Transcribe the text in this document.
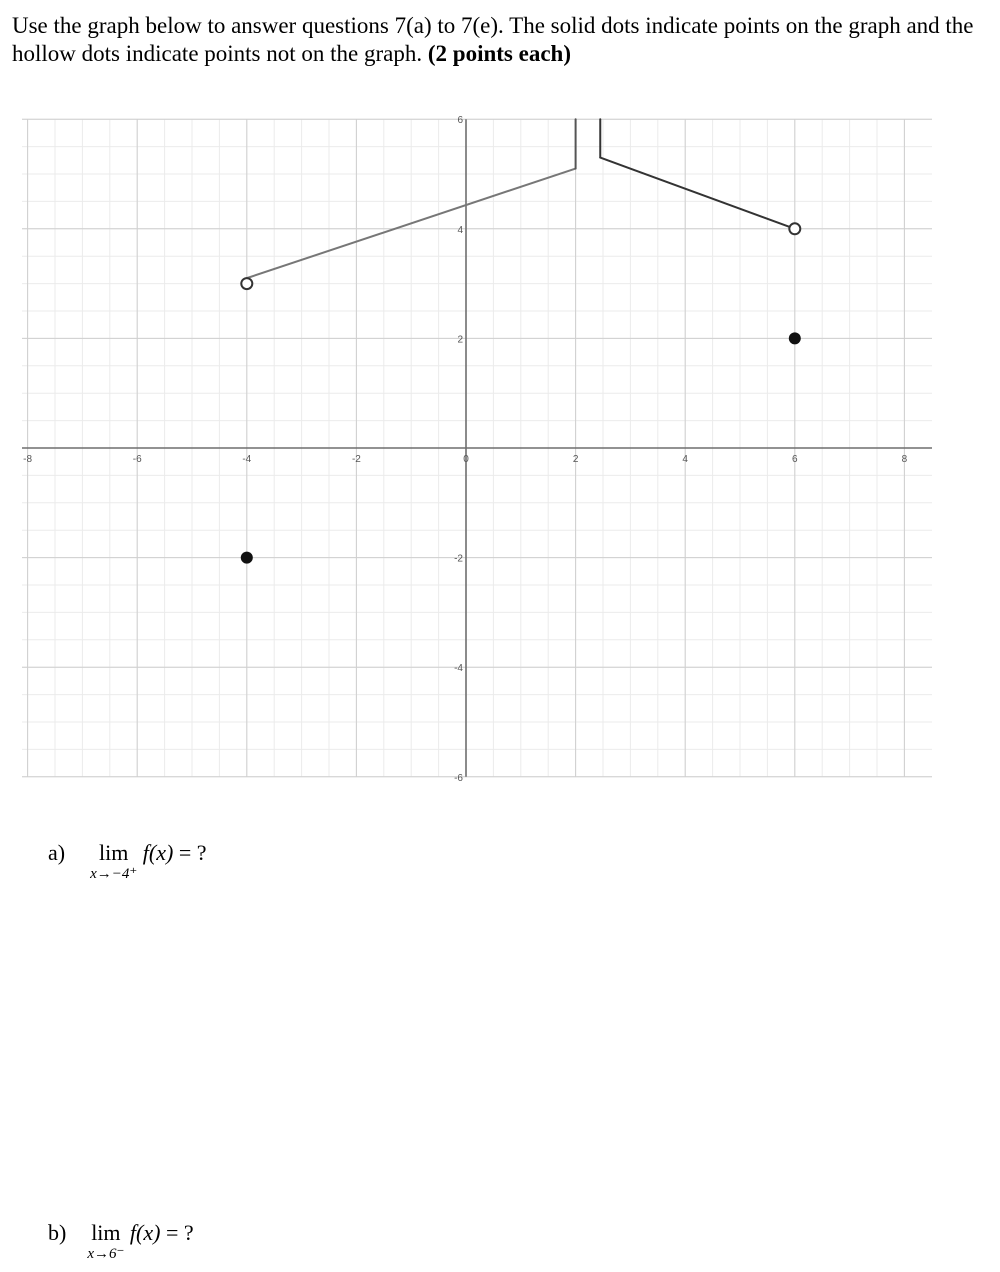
Use the graph below to answer questions 7(a) to 7(e). The solid dots indicate points on the graph and the hollow dots indicate points not on the graph. (2 points each)

-8	-6	-4	-2	0	2	4	6	8
6
4
2
-2
-4
-6
a) lim
x→−4⁺
f(x) = ?
b) lim
x→6⁻
f(x) = ?
